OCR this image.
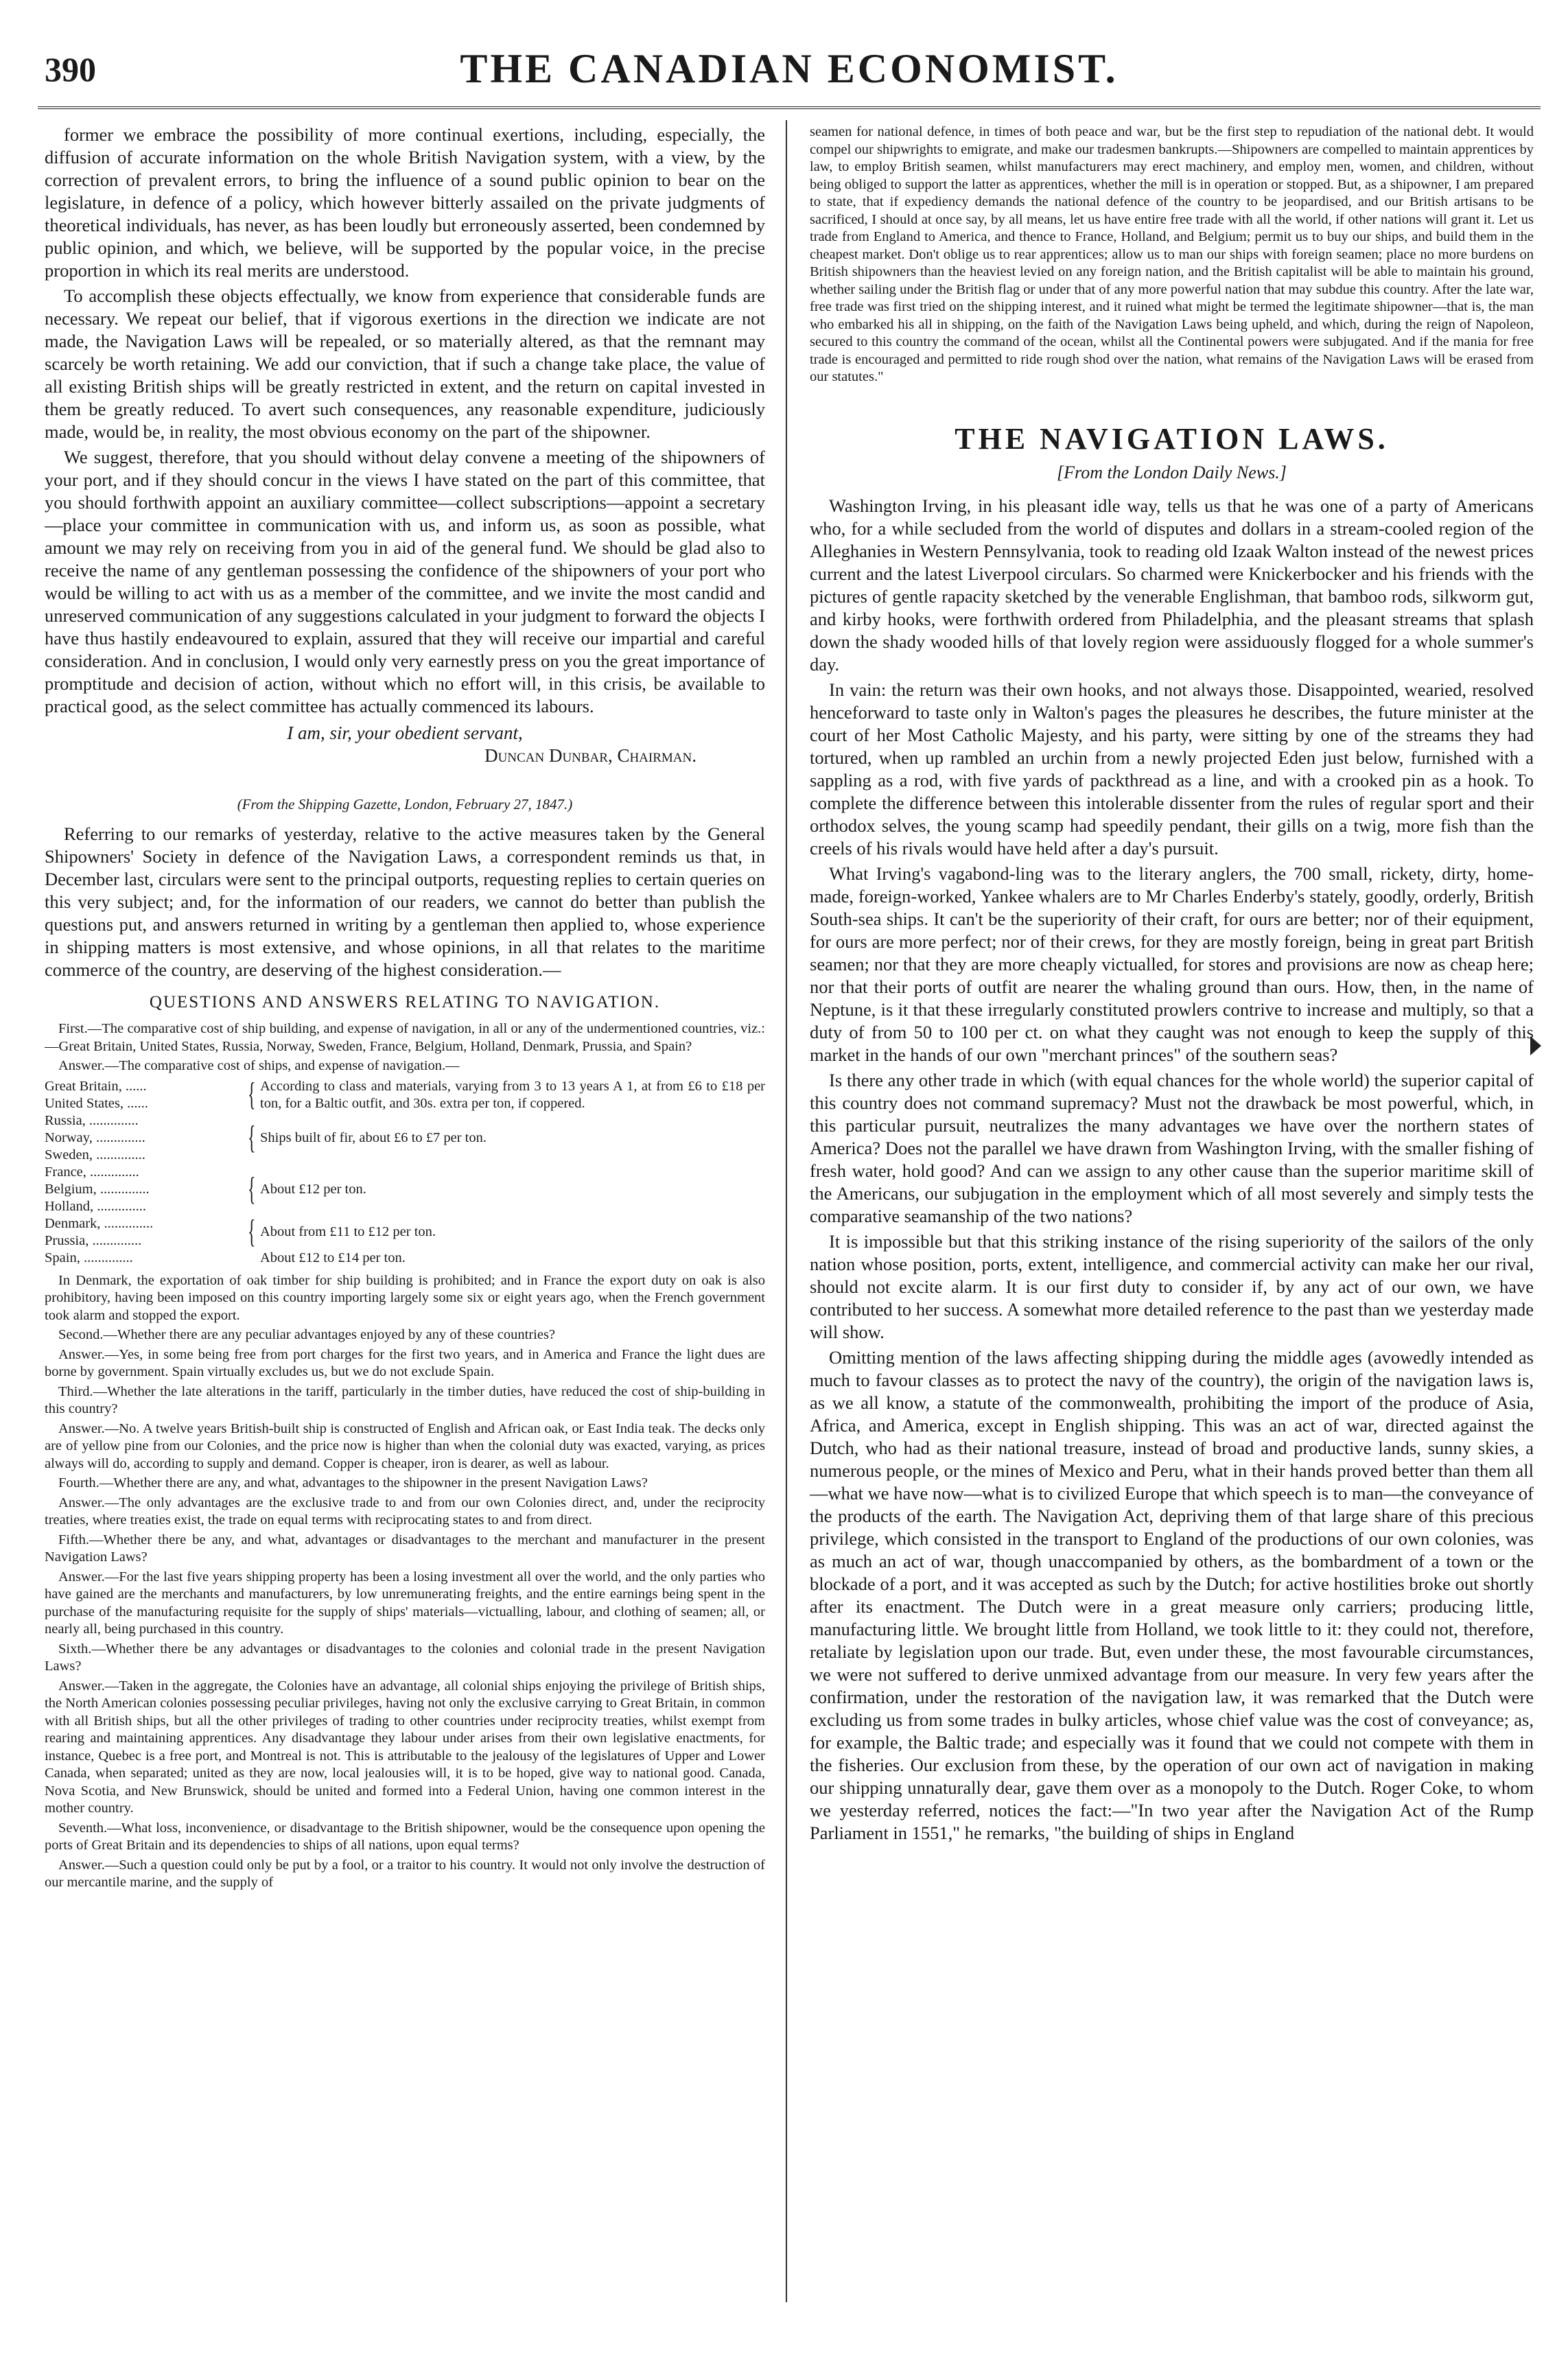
390	THE CANADIAN ECONOMIST.

former we embrace the possibility of more continual exertions, including, especially, the diffusion of accurate information on the whole British Navigation system, with a view, by the correction of prevalent errors, to bring the influence of a sound public opinion to bear on the legislature, in defence of a policy, which however bitterly assailed on the private judgments of theoretical individuals, has never, as has been loudly but erroneously asserted, been condemned by public opinion, and which, we believe, will be supported by the popular voice, in the precise proportion in which its real merits are understood.

To accomplish these objects effectually, we know from experience that considerable funds are necessary. We repeat our belief, that if vigorous exertions in the direction we indicate are not made, the Navigation Laws will be repealed, or so materially altered, as that the remnant may scarcely be worth retaining. We add our conviction, that if such a change take place, the value of all existing British ships will be greatly restricted in extent, and the return on capital invested in them be greatly reduced. To avert such consequences, any reasonable expenditure, judiciously made, would be, in reality, the most obvious economy on the part of the shipowner.

We suggest, therefore, that you should without delay convene a meeting of the shipowners of your port, and if they should concur in the views I have stated on the part of this committee, that you should forthwith appoint an auxiliary committee—collect subscriptions—appoint a secretary—place your committee in communication with us, and inform us, as soon as possible, what amount we may rely on receiving from you in aid of the general fund. We should be glad also to receive the name of any gentleman possessing the confidence of the shipowners of your port who would be willing to act with us as a member of the committee, and we invite the most candid and unreserved communication of any suggestions calculated in your judgment to forward the objects I have thus hastily endeavoured to explain, assured that they will receive our impartial and careful consideration. And in conclusion, I would only very earnestly press on you the great importance of promptitude and decision of action, without which no effort will, in this crisis, be available to practical good, as the select committee has actually commenced its labours.

I am, sir, your obedient servant,
Duncan Dunbar, Chairman.
(From the Shipping Gazette, London, February 27, 1847.)

Referring to our remarks of yesterday, relative to the active measures taken by the General Shipowners' Society in defence of the Navigation Laws, a correspondent reminds us that, in December last, circulars were sent to the principal outports, requesting replies to certain queries on this very subject; and, for the information of our readers, we cannot do better than publish the questions put, and answers returned in writing by a gentleman then applied to, whose experience in shipping matters is most extensive, and whose opinions, in all that relates to the maritime commerce of the country, are deserving of the highest consideration.—

QUESTIONS AND ANSWERS RELATING TO NAVIGATION.

First.—The comparative cost of ship building, and expense of navigation, in all or any of the undermentioned countries, viz.:—Great Britain, United States, Russia, Norway, Sweden, France, Belgium, Holland, Denmark, Prussia, and Spain?

Answer.—The comparative cost of ships, and expense of navigation.—

Great Britain, ......
United States, ......	{	According to class and materials, varying from 3 to 13 years A 1, at from £6 to £18 per ton, for a Baltic outfit, and 30s. extra per ton, if coppered.
Russia, ..............
Norway, ..............
Sweden, ..............	{	Ships built of fir, about £6 to £7 per ton.
France, ..............
Belgium, ..............
Holland, ..............	{	About £12 per ton.
Denmark, ..............
Prussia, ..............	{	About from £11 to £12 per ton.
Spain, ..............		About £12 to £14 per ton.

In Denmark, the exportation of oak timber for ship building is prohibited; and in France the export duty on oak is also prohibitory, having been imposed on this country importing largely some six or eight years ago, when the French government took alarm and stopped the export.

Second.—Whether there are any peculiar advantages enjoyed by any of these countries?

Answer.—Yes, in some being free from port charges for the first two years, and in America and France the light dues are borne by government. Spain virtually excludes us, but we do not exclude Spain.

Third.—Whether the late alterations in the tariff, particularly in the timber duties, have reduced the cost of ship-building in this country?

Answer.—No. A twelve years British-built ship is constructed of English and African oak, or East India teak. The decks only are of yellow pine from our Colonies, and the price now is higher than when the colonial duty was exacted, varying, as prices always will do, according to supply and demand. Copper is cheaper, iron is dearer, as well as labour.

Fourth.—Whether there are any, and what, advantages to the shipowner in the present Navigation Laws?

Answer.—The only advantages are the exclusive trade to and from our own Colonies direct, and, under the reciprocity treaties, where treaties exist, the trade on equal terms with reciprocating states to and from direct.

Fifth.—Whether there be any, and what, advantages or disadvantages to the merchant and manufacturer in the present Navigation Laws?

Answer.—For the last five years shipping property has been a losing investment all over the world, and the only parties who have gained are the merchants and manufacturers, by low unremunerating freights, and the entire earnings being spent in the purchase of the manufacturing requisite for the supply of ships' materials—victualling, labour, and clothing of seamen; all, or nearly all, being purchased in this country.

Sixth.—Whether there be any advantages or disadvantages to the colonies and colonial trade in the present Navigation Laws?

Answer.—Taken in the aggregate, the Colonies have an advantage, all colonial ships enjoying the privilege of British ships, the North American colonies possessing peculiar privileges, having not only the exclusive carrying to Great Britain, in common with all British ships, but all the other privileges of trading to other countries under reciprocity treaties, whilst exempt from rearing and maintaining apprentices. Any disadvantage they labour under arises from their own legislative enactments, for instance, Quebec is a free port, and Montreal is not. This is attributable to the jealousy of the legislatures of Upper and Lower Canada, when separated; united as they are now, local jealousies will, it is to be hoped, give way to national good. Canada, Nova Scotia, and New Brunswick, should be united and formed into a Federal Union, having one common interest in the mother country.

Seventh.—What loss, inconvenience, or disadvantage to the British shipowner, would be the consequence upon opening the ports of Great Britain and its dependencies to ships of all nations, upon equal terms?

Answer.—Such a question could only be put by a fool, or a traitor to his country. It would not only involve the destruction of our mercantile marine, and the supply of

seamen for national defence, in times of both peace and war, but be the first step to repudiation of the national debt. It would compel our shipwrights to emigrate, and make our tradesmen bankrupts.—Shipowners are compelled to maintain apprentices by law, to employ British seamen, whilst manufacturers may erect machinery, and employ men, women, and children, without being obliged to support the latter as apprentices, whether the mill is in operation or stopped. But, as a shipowner, I am prepared to state, that if expediency demands the national defence of the country to be jeopardised, and our British artisans to be sacrificed, I should at once say, by all means, let us have entire free trade with all the world, if other nations will grant it. Let us trade from England to America, and thence to France, Holland, and Belgium; permit us to buy our ships, and build them in the cheapest market. Don't oblige us to rear apprentices; allow us to man our ships with foreign seamen; place no more burdens on British shipowners than the heaviest levied on any foreign nation, and the British capitalist will be able to maintain his ground, whether sailing under the British flag or under that of any more powerful nation that may subdue this country. After the late war, free trade was first tried on the shipping interest, and it ruined what might be termed the legitimate shipowner—that is, the man who embarked his all in shipping, on the faith of the Navigation Laws being upheld, and which, during the reign of Napoleon, secured to this country the command of the ocean, whilst all the Continental powers were subjugated. And if the mania for free trade is encouraged and permitted to ride rough shod over the nation, what remains of the Navigation Laws will be erased from our statutes."

THE NAVIGATION LAWS.
[From the London Daily News.]

Washington Irving, in his pleasant idle way, tells us that he was one of a party of Americans who, for a while secluded from the world of disputes and dollars in a stream-cooled region of the Alleghanies in Western Pennsylvania, took to reading old Izaak Walton instead of the newest prices current and the latest Liverpool circulars. So charmed were Knickerbocker and his friends with the pictures of gentle rapacity sketched by the venerable Englishman, that bamboo rods, silkworm gut, and kirby hooks, were forthwith ordered from Philadelphia, and the pleasant streams that splash down the shady wooded hills of that lovely region were assiduously flogged for a whole summer's day.

In vain: the return was their own hooks, and not always those. Disappointed, wearied, resolved henceforward to taste only in Walton's pages the pleasures he describes, the future minister at the court of her Most Catholic Majesty, and his party, were sitting by one of the streams they had tortured, when up rambled an urchin from a newly projected Eden just below, furnished with a sappling as a rod, with five yards of packthread as a line, and with a crooked pin as a hook. To complete the difference between this intolerable dissenter from the rules of regular sport and their orthodox selves, the young scamp had speedily pendant, their gills on a twig, more fish than the creels of his rivals would have held after a day's pursuit.

What Irving's vagabond-ling was to the literary anglers, the 700 small, rickety, dirty, home-made, foreign-worked, Yankee whalers are to Mr Charles Enderby's stately, goodly, orderly, British South-sea ships. It can't be the superiority of their craft, for ours are better; nor of their equipment, for ours are more perfect; nor of their crews, for they are mostly foreign, being in great part British seamen; nor that they are more cheaply victualled, for stores and provisions are now as cheap here; nor that their ports of outfit are nearer the whaling ground than ours. How, then, in the name of Neptune, is it that these irregularly constituted prowlers contrive to increase and multiply, so that a duty of from 50 to 100 per ct. on what they caught was not enough to keep the supply of this market in the hands of our own "merchant princes" of the southern seas?

Is there any other trade in which (with equal chances for the whole world) the superior capital of this country does not command supremacy? Must not the drawback be most powerful, which, in this particular pursuit, neutralizes the many advantages we have over the northern states of America? Does not the parallel we have drawn from Washington Irving, with the smaller fishing of fresh water, hold good? And can we assign to any other cause than the superior maritime skill of the Americans, our subjugation in the employment which of all most severely and simply tests the comparative seamanship of the two nations?

It is impossible but that this striking instance of the rising superiority of the sailors of the only nation whose position, ports, extent, intelligence, and commercial activity can make her our rival, should not excite alarm. It is our first duty to consider if, by any act of our own, we have contributed to her success. A somewhat more detailed reference to the past than we yesterday made will show.

Omitting mention of the laws affecting shipping during the middle ages (avowedly intended as much to favour classes as to protect the navy of the country), the origin of the navigation laws is, as we all know, a statute of the commonwealth, prohibiting the import of the produce of Asia, Africa, and America, except in English shipping. This was an act of war, directed against the Dutch, who had as their national treasure, instead of broad and productive lands, sunny skies, a numerous people, or the mines of Mexico and Peru, what in their hands proved better than them all—what we have now—what is to civilized Europe that which speech is to man—the conveyance of the products of the earth. The Navigation Act, depriving them of that large share of this precious privilege, which consisted in the transport to England of the productions of our own colonies, was as much an act of war, though unaccompanied by others, as the bombardment of a town or the blockade of a port, and it was accepted as such by the Dutch; for active hostilities broke out shortly after its enactment. The Dutch were in a great measure only carriers; producing little, manufacturing little. We brought little from Holland, we took little to it: they could not, therefore, retaliate by legislation upon our trade. But, even under these, the most favourable circumstances, we were not suffered to derive unmixed advantage from our measure. In very few years after the confirmation, under the restoration of the navigation law, it was remarked that the Dutch were excluding us from some trades in bulky articles, whose chief value was the cost of conveyance; as, for example, the Baltic trade; and especially was it found that we could not compete with them in the fisheries. Our exclusion from these, by the operation of our own act of navigation in making our shipping unnaturally dear, gave them over as a monopoly to the Dutch. Roger Coke, to whom we yesterday referred, notices the fact:—"In two year after the Navigation Act of the Rump Parliament in 1551," he remarks, "the building of ships in England
